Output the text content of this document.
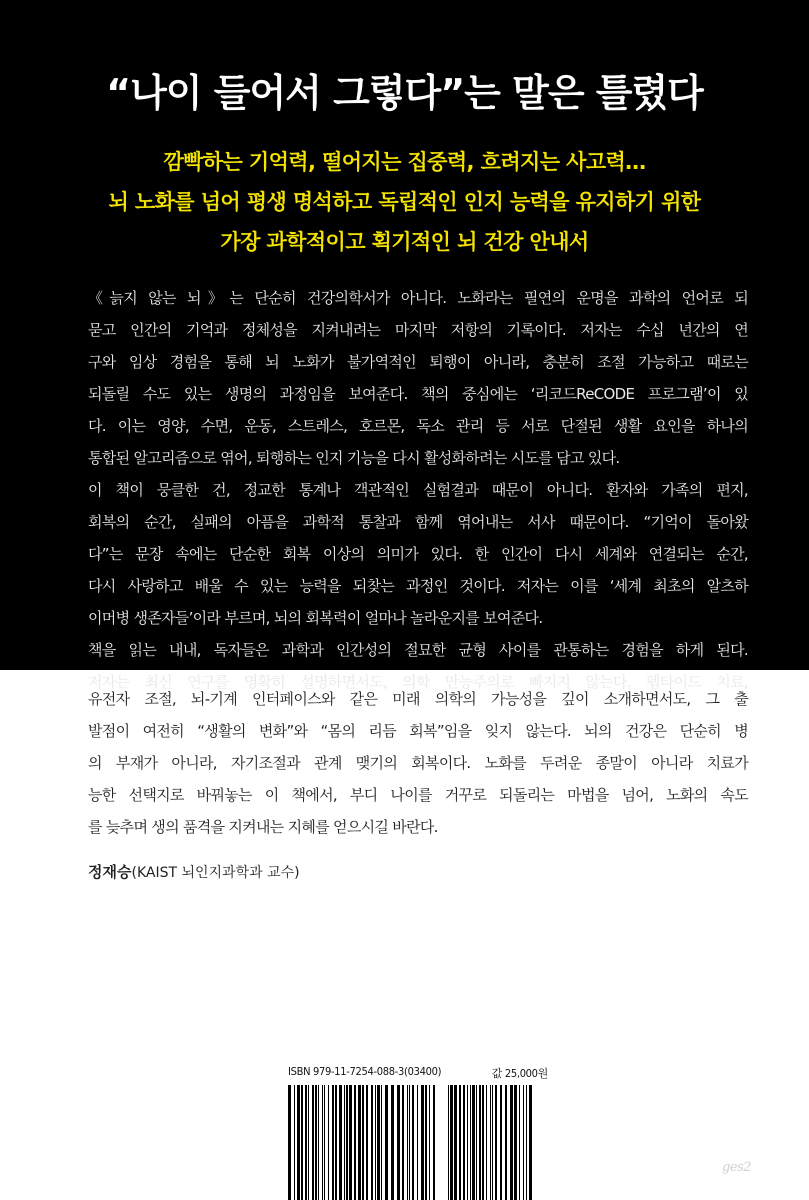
“나이 들어서 그렇다”는 말은 틀렸다
깜빡하는 기억력, 떨어지는 집중력, 흐려지는 사고력…
뇌 노화를 넘어 평생 명석하고 독립적인 인지 능력을 유지하기 위한
가장 과학적이고 획기적인 뇌 건강 안내서
《늙지 않는 뇌》는 단순히 건강의학서가 아니다. 노화라는 필연의 운명을 과학의 언어로 되
묻고 인간의 기억과 정체성을 지켜내려는 마지막 저항의 기록이다. 저자는 수십 년간의 연
구와 임상 경험을 통해 뇌 노화가 불가역적인 퇴행이 아니라, 충분히 조절 가능하고 때로는
되돌릴 수도 있는 생명의 과정임을 보여준다. 책의 중심에는 ‘리코드ReCODE 프로그램’이 있
다. 이는 영양, 수면, 운동, 스트레스, 호르몬, 독소 관리 등 서로 단절된 생활 요인을 하나의
통합된 알고리즘으로 엮어, 퇴행하는 인지 기능을 다시 활성화하려는 시도를 담고 있다.
이 책이 뭉클한 건, 정교한 통계나 객관적인 실험결과 때문이 아니다. 환자와 가족의 편지,
회복의 순간, 실패의 아픔을 과학적 통찰과 함께 엮어내는 서사 때문이다. “기억이 돌아왔
다”는 문장 속에는 단순한 회복 이상의 의미가 있다. 한 인간이 다시 세계와 연결되는 순간,
다시 사랑하고 배울 수 있는 능력을 되찾는 과정인 것이다. 저자는 이를 ‘세계 최초의 알츠하
이머병 생존자들’이라 부르며, 뇌의 회복력이 얼마나 놀라운지를 보여준다.
책을 읽는 내내, 독자들은 과학과 인간성의 절묘한 균형 사이를 관통하는 경험을 하게 된다.
저자는 최신 연구를 명확히 설명하면서도, 의학 만능주의로 빠지지 않는다. 펩타이드 치료,
유전자 조절, 뇌-기계 인터페이스와 같은 미래 의학의 가능성을 깊이 소개하면서도, 그 출
발점이 여전히 “생활의 변화”와 “몸의 리듬 회복”임을 잊지 않는다. 뇌의 건강은 단순히 병
의 부재가 아니라, 자기조절과 관계 맺기의 회복이다. 노화를 두려운 종말이 아니라 치료가
능한 선택지로 바꿔놓는 이 책에서, 부디 나이를 거꾸로 되돌리는 마법을 넘어, 노화의 속도
를 늦추며 생의 품격을 지켜내는 지혜를 얻으시길 바란다.
정재승(KAIST 뇌인지과학과 교수)
ISBN 979-11-7254-088-3(03400)	값 25,000원
ges2
